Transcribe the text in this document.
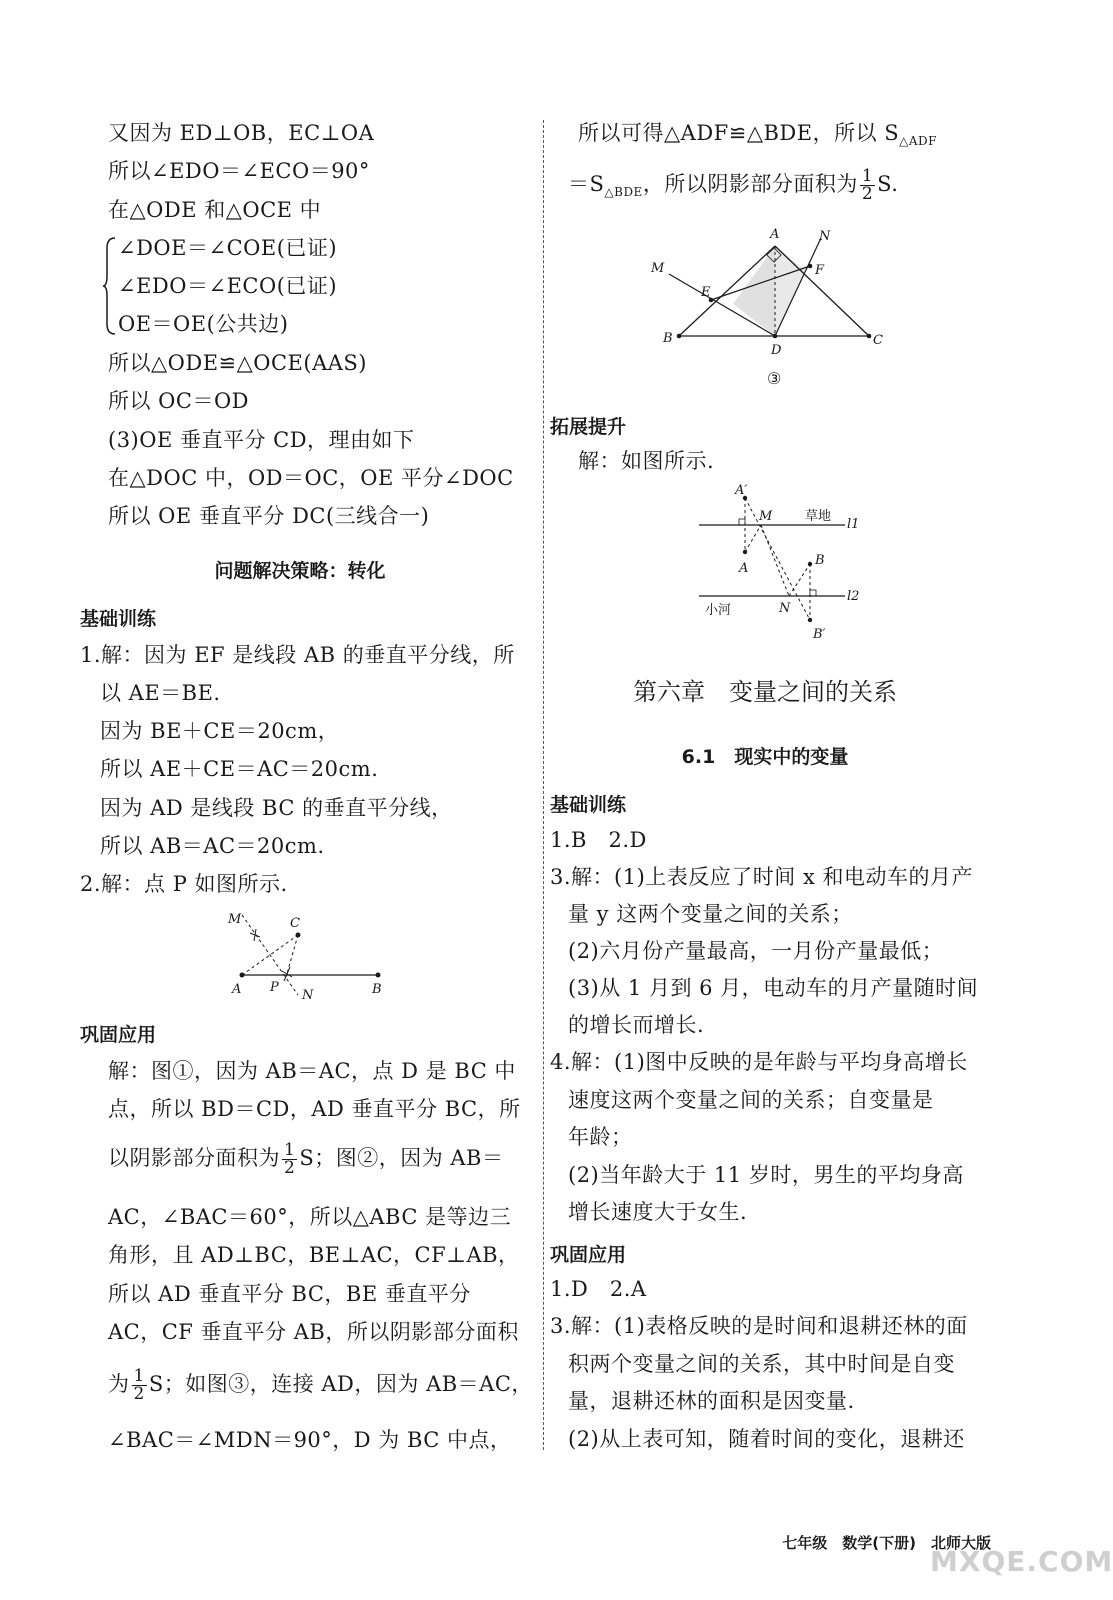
又因为 ED⊥OB，EC⊥OA
所以∠EDO＝∠ECO＝90°
在△ODE 和△OCE 中
∠DOE＝∠COE(已证)
∠EDO＝∠ECO(已证)
OE＝OE(公共边)
所以△ODE≌△OCE(AAS)
所以 OC＝OD
(3)OE 垂直平分 CD，理由如下
在△DOC 中，OD＝OC，OE 平分∠DOC
所以 OE 垂直平分 DC(三线合一)
问题解决策略：转化
基础训练
1.解：因为 EF 是线段 AB 的垂直平分线，所
以 AE＝BE.
因为 BE＋CE＝20cm，
所以 AE＋CE＝AC＝20cm.
因为 AD 是线段 BC 的垂直平分线，
所以 AB＝AC＝20cm.
2.解：点 P 如图所示.
M	C
A P
N	B
巩固应用
解：图①，因为 AB＝AC，点 D 是 BC 中
点，所以 BD＝CD，AD 垂直平分 BC，所
以阴影部分面积为 $\frac{1}{2}$ S；图②，因为 AB＝
AC，∠BAC＝60°，所以△ABC 是等边三
角形，且 AD⊥BC，BE⊥AC，CF⊥AB，
所以 AD 垂直平分 BC，BE 垂直平分
AC，CF 垂直平分 AB，所以阴影部分面积
为 $\frac{1}{2}$ S；如图③，连接 AD，因为 AB＝AC，
∠BAC＝∠MDN＝90°，D 为 BC 中点，
所以可得△ADF≌△BDE，所以 $S_{\triangle ADF}$
$=S_{\triangle BDE}$，所以阴影部分面积为 $\frac{1}{2} S$.
A	N
M	F
E
B
D
C
③
拓展提升
解：如图所示.
A′
M	草地
l1
A
B
小河	N
l2
B′
第六章　变量之间的关系
6.1　现实中的变量
基础训练
1.B　2.D
3.解：(1)上表反应了时间 x 和电动车的月产
量 y 这两个变量之间的关系；
(2)六月份产量最高，一月份产量最低；
(3)从 1 月到 6 月，电动车的月产量随时间
的增长而增长.
4.解：(1)图中反映的是年龄与平均身高增长
速度这两个变量之间的关系；自变量是
年龄；
(2)当年龄大于 11 岁时，男生的平均身高
增长速度大于女生.
巩固应用
1.D　2.A
3.解：(1)表格反映的是时间和退耕还林的面
积两个变量之间的关系，其中时间是自变
量，退耕还林的面积是因变量.
(2)从上表可知，随着时间的变化，退耕还
七年级　数学(下册)　北师大版
MXQE.COM
